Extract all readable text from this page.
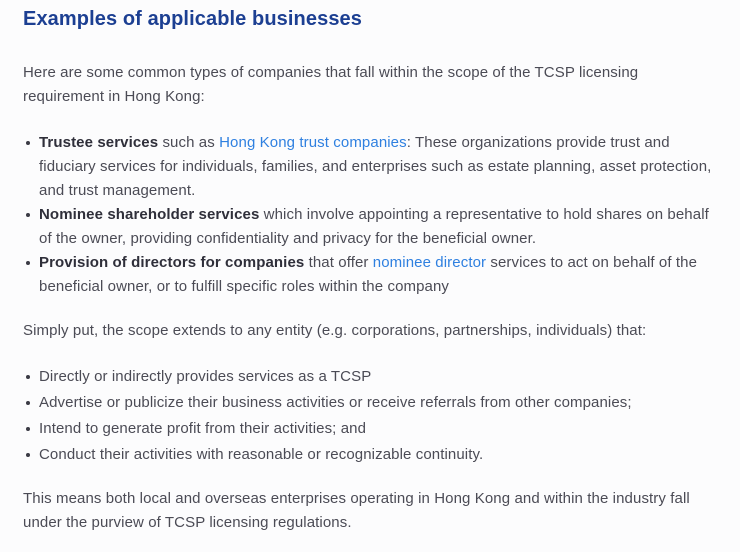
Examples of applicable businesses

Here are some common types of companies that fall within the scope of the TCSP licensing requirement in Hong Kong:

Trustee services such as Hong Kong trust companies: These organizations provide trust and fiduciary services for individuals, families, and enterprises such as estate planning, asset protection, and trust management.
Nominee shareholder services which involve appointing a representative to hold shares on behalf of the owner, providing confidentiality and privacy for the beneficial owner.
Provision of directors for companies that offer nominee director services to act on behalf of the beneficial owner, or to fulfill specific roles within the company

Simply put, the scope extends to any entity (e.g. corporations, partnerships, individuals) that:

Directly or indirectly provides services as a TCSP
Advertise or publicize their business activities or receive referrals from other companies;
Intend to generate profit from their activities; and
Conduct their activities with reasonable or recognizable continuity.

This means both local and overseas enterprises operating in Hong Kong and within the industry fall under the purview of TCSP licensing regulations.
